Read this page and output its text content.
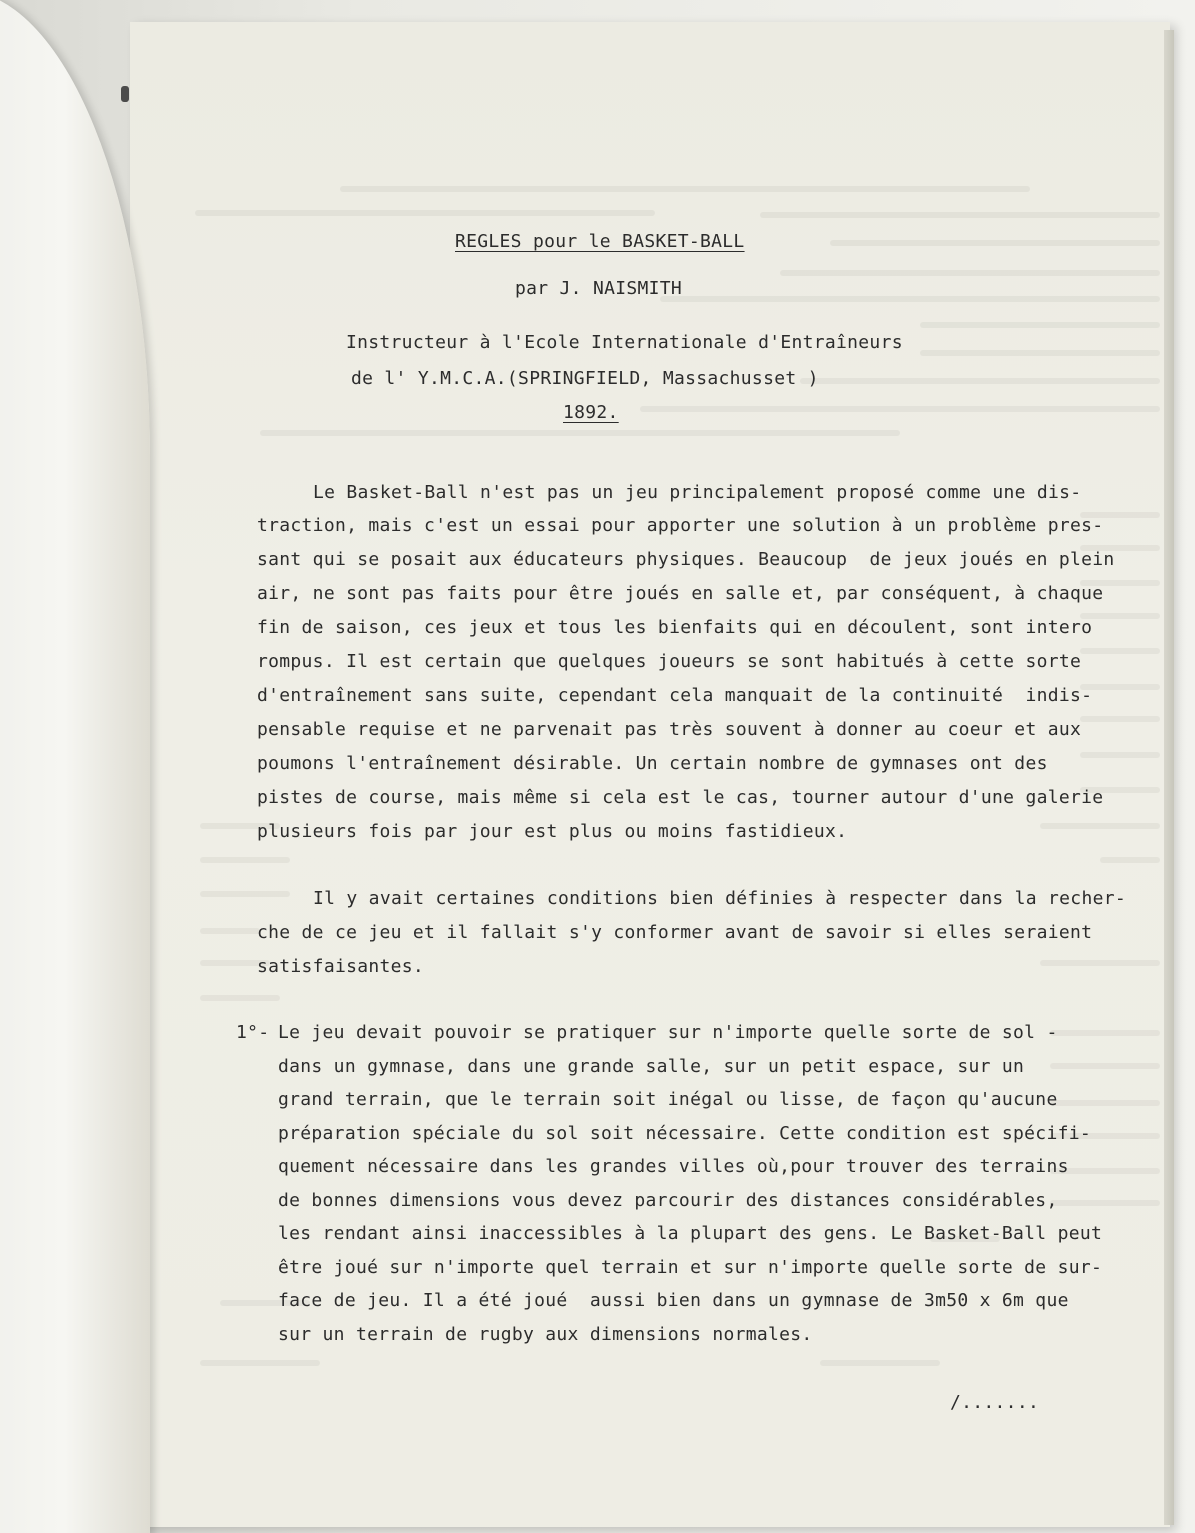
REGLES pour le BASKET-BALL
par J. NAISMITH
Instructeur à l'Ecole Internationale d'Entraîneurs
de l' Y.M.C.A.(SPRINGFIELD, Massachusset )
1892.
Le Basket-Ball n'est pas un jeu principalement proposé comme une dis-
traction, mais c'est un essai pour apporter une solution à un problème pres-
sant qui se posait aux éducateurs physiques. Beaucoup  de jeux joués en plein
air, ne sont pas faits pour être joués en salle et, par conséquent, à chaque
fin de saison, ces jeux et tous les bienfaits qui en découlent, sont intero
rompus. Il est certain que quelques joueurs se sont habitués à cette sorte
d'entraînement sans suite, cependant cela manquait de la continuité  indis-
pensable requise et ne parvenait pas très souvent à donner au coeur et aux
poumons l'entraînement désirable. Un certain nombre de gymnases ont des
pistes de course, mais même si cela est le cas, tourner autour d'une galerie
plusieurs fois par jour est plus ou moins fastidieux.
Il y avait certaines conditions bien définies à respecter dans la recher-
che de ce jeu et il fallait s'y conformer avant de savoir si elles seraient
satisfaisantes.
1°- Le jeu devait pouvoir se pratiquer sur n'importe quelle sorte de sol -
dans un gymnase, dans une grande salle, sur un petit espace, sur un
grand terrain, que le terrain soit inégal ou lisse, de façon qu'aucune
préparation spéciale du sol soit nécessaire. Cette condition est spécifi-
quement nécessaire dans les grandes villes où,pour trouver des terrains
de bonnes dimensions vous devez parcourir des distances considérables,
les rendant ainsi inaccessibles à la plupart des gens. Le Basket-Ball peut
être joué sur n'importe quel terrain et sur n'importe quelle sorte de sur-
face de jeu. Il a été joué  aussi bien dans un gymnase de 3m50 x 6m que
sur un terrain de rugby aux dimensions normales.
/.......
